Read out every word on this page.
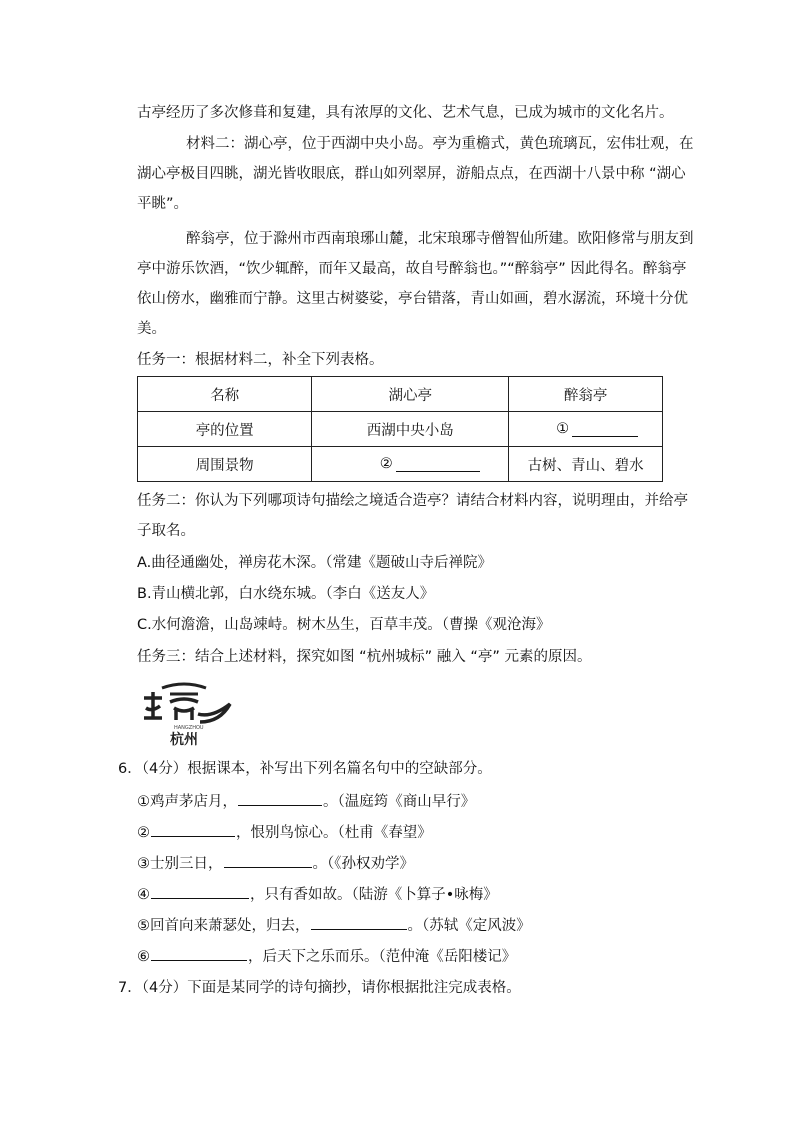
古亭经历了多次修葺和复建，具有浓厚的文化、艺术气息，已成为城市的文化名片。
材料二：湖心亭，位于西湖中央小岛。亭为重檐式，黄色琉璃瓦，宏伟壮观，在
湖心亭极目四眺，湖光皆收眼底，群山如列翠屏，游船点点，在西湖十八景中称 “湖心
平眺”。
醉翁亭，位于滁州市西南琅琊山麓，北宋琅琊寺僧智仙所建。欧阳修常与朋友到
亭中游乐饮酒，“饮少辄醉，而年又最高，故自号醉翁也。”“醉翁亭” 因此得名。醉翁亭
依山傍水，幽雅而宁静。这里古树婆娑，亭台错落，青山如画，碧水潺流，环境十分优
美。
任务一：根据材料二，补全下列表格。
名称	湖心亭	醉翁亭
亭的位置	西湖中央小岛	①

周围景物	②	古树、青山、碧水
任务二：你认为下列哪项诗句描绘之境适合造亭？请结合材料内容，说明理由，并给亭
子取名。
A.曲径通幽处，禅房花木深。（常建《题破山寺后禅院》
B.青山横北郭，白水绕东城。（李白《送友人》
C.水何澹澹，山岛竦峙。树木丛生，百草丰茂。（曹操《观沧海》
任务三：结合上述材料，探究如图 “杭州城标” 融入 “亭” 元素的原因。
HANGZHOU
杭州
6．（4分）根据课本，补写出下列名篇名句中的空缺部分。
①鸡声茅店月，	。（温庭筠《商山早行》
②	，恨别鸟惊心。（杜甫《春望》
③士别三日，	。（《孙权劝学》
④	，只有香如故。（陆游《卜算子•咏梅》
⑤回首向来萧瑟处，归去，	。（苏轼《定风波》
⑥	，后天下之乐而乐。（范仲淹《岳阳楼记》
7．（4分）下面是某同学的诗句摘抄，请你根据批注完成表格。
